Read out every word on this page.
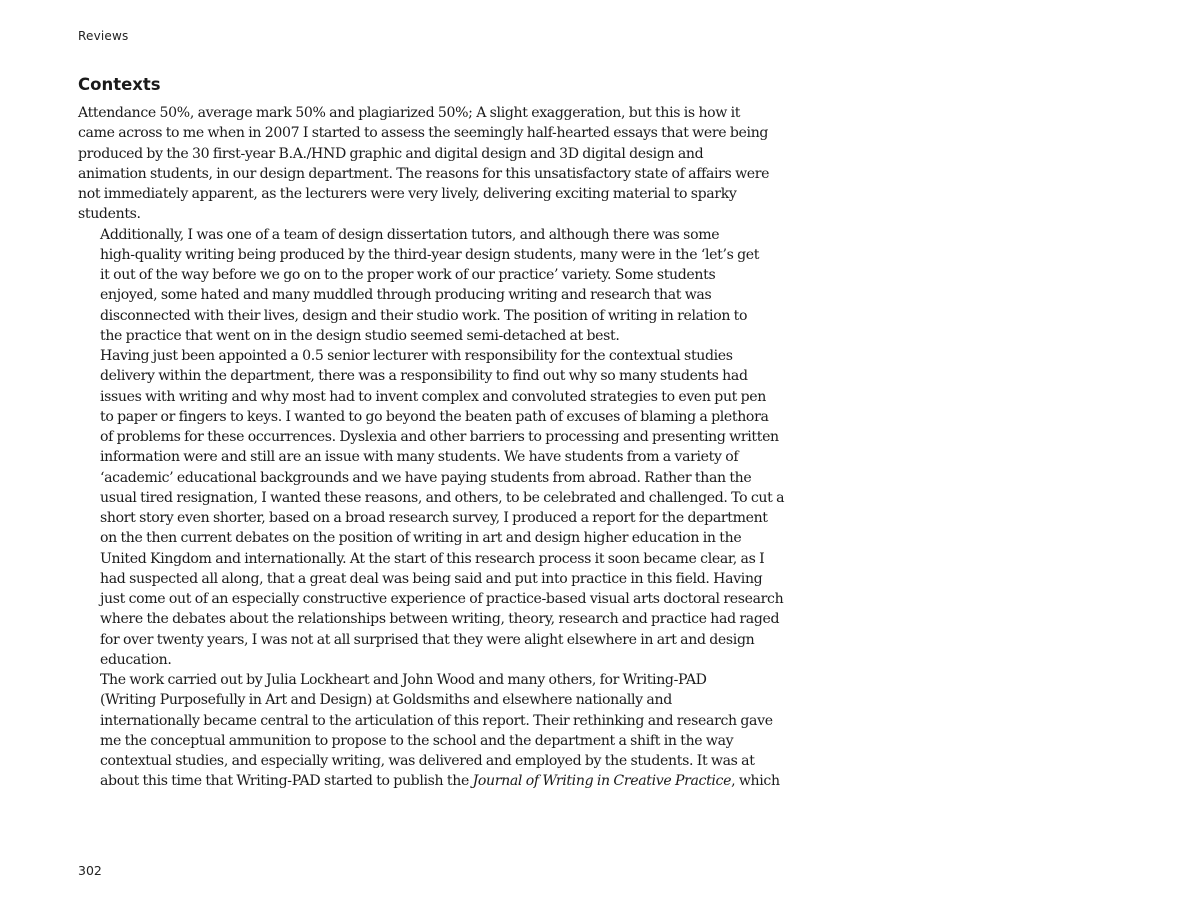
Reviews
Contexts

Attendance 50%, average mark 50% and plagiarized 50%; A slight exaggeration, but this is how it
came across to me when in 2007 I started to assess the seemingly half-hearted essays that were being
produced by the 30 first-year B.A./HND graphic and digital design and 3D digital design and
animation students, in our design department. The reasons for this unsatisfactory state of affairs were
not immediately apparent, as the lecturers were very lively, delivering exciting material to sparky
students.

Additionally, I was one of a team of design dissertation tutors, and although there was some
high-quality writing being produced by the third-year design students, many were in the ‘let’s get
it out of the way before we go on to the proper work of our practice’ variety. Some students
enjoyed, some hated and many muddled through producing writing and research that was
disconnected with their lives, design and their studio work. The position of writing in relation to
the practice that went on in the design studio seemed semi-detached at best.

Having just been appointed a 0.5 senior lecturer with responsibility for the contextual studies
delivery within the department, there was a responsibility to find out why so many students had
issues with writing and why most had to invent complex and convoluted strategies to even put pen
to paper or fingers to keys. I wanted to go beyond the beaten path of excuses of blaming a plethora
of problems for these occurrences. Dyslexia and other barriers to processing and presenting written
information were and still are an issue with many students. We have students from a variety of
‘academic’ educational backgrounds and we have paying students from abroad. Rather than the
usual tired resignation, I wanted these reasons, and others, to be celebrated and challenged. To cut a
short story even shorter, based on a broad research survey, I produced a report for the department
on the then current debates on the position of writing in art and design higher education in the
United Kingdom and internationally. At the start of this research process it soon became clear, as I
had suspected all along, that a great deal was being said and put into practice in this field. Having
just come out of an especially constructive experience of practice-based visual arts doctoral research
where the debates about the relationships between writing, theory, research and practice had raged
for over twenty years, I was not at all surprised that they were alight elsewhere in art and design
education.

The work carried out by Julia Lockheart and John Wood and many others, for Writing-PAD
(Writing Purposefully in Art and Design) at Goldsmiths and elsewhere nationally and
internationally became central to the articulation of this report. Their rethinking and research gave
me the conceptual ammunition to propose to the school and the department a shift in the way
contextual studies, and especially writing, was delivered and employed by the students. It was at
about this time that Writing-PAD started to publish the Journal of Writing in Creative Practice, which

302
